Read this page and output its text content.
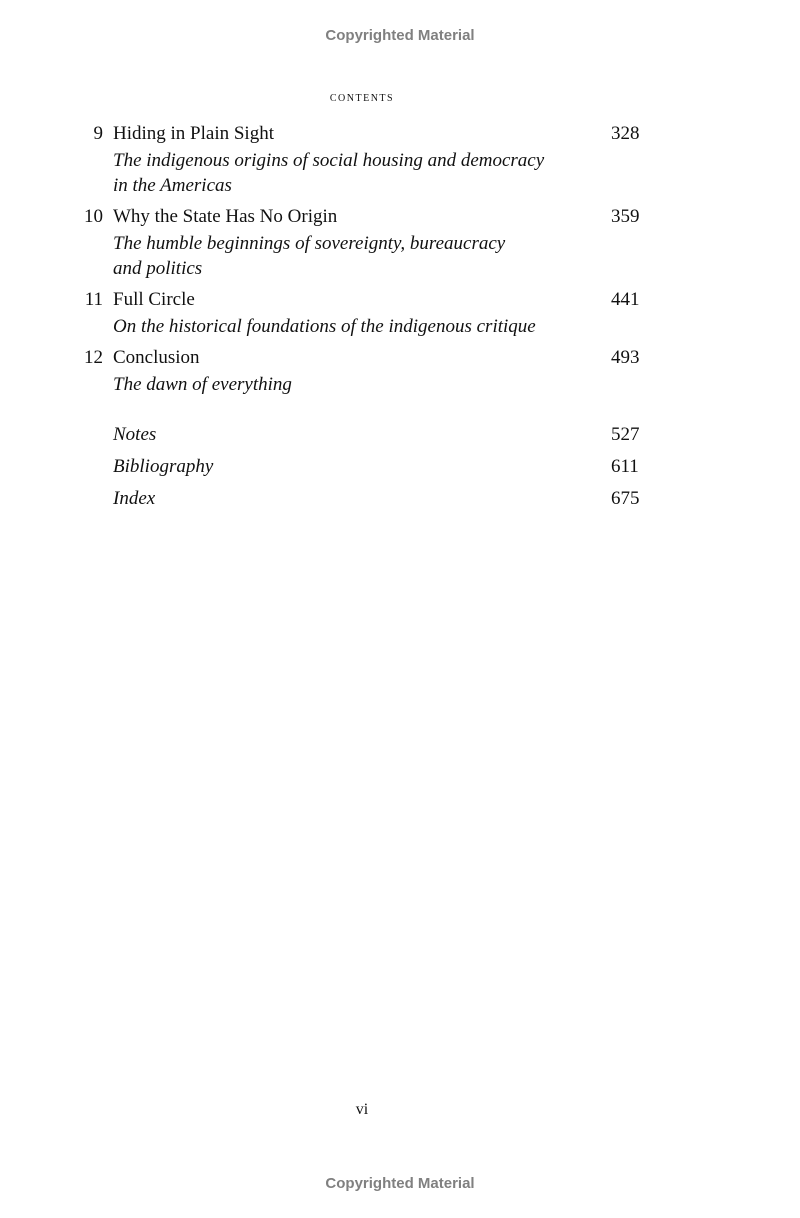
Copyrighted Material
contents
9 Hiding in Plain Sight	328
The indigenous origins of social housing and democracy
in the Americas
10 Why the State Has No Origin	359
The humble beginnings of sovereignty, bureaucracy
and politics
11 Full Circle	441
On the historical foundations of the indigenous critique
12 Conclusion	493
The dawn of everything
Notes	527
Bibliography	611
Index	675
vi
Copyrighted Material
